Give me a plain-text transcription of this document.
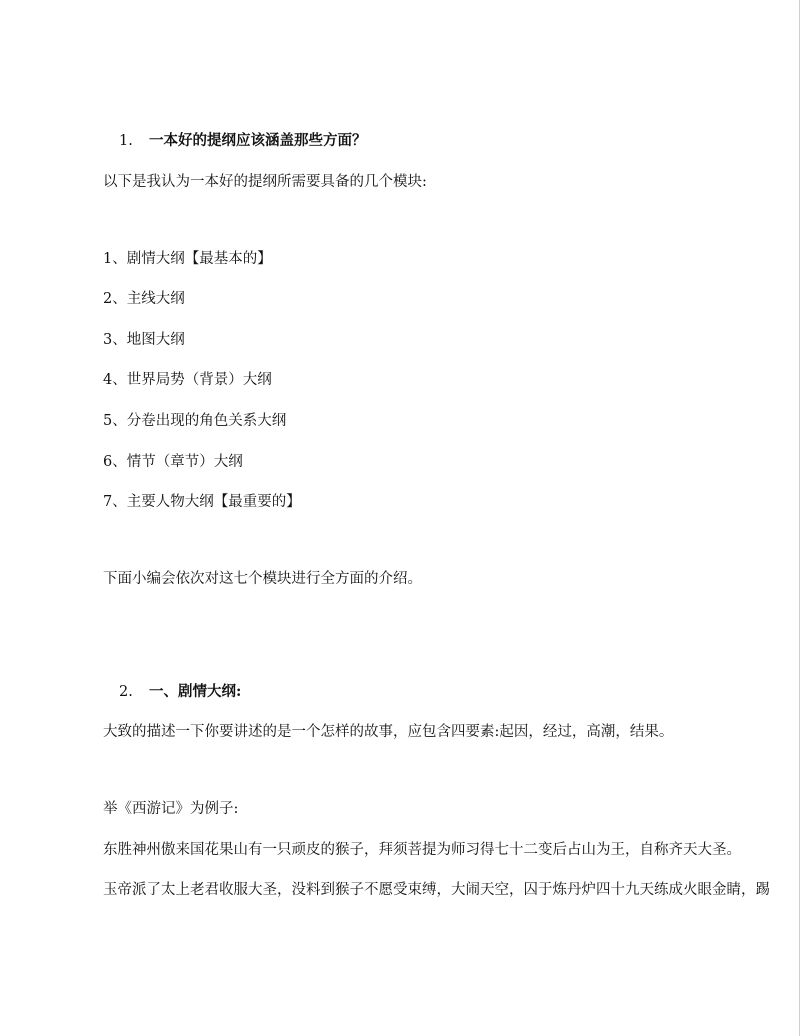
1. 一本好的提纲应该涵盖那些方面？
以下是我认为一本好的提纲所需要具备的几个模块:
1、剧情大纲【最基本的】
2、主线大纲
3、地图大纲
4、世界局势（背景）大纲
5、分卷出现的角色关系大纲
6、情节（章节）大纲
7、主要人物大纲【最重要的】
下面小编会依次对这七个模块进行全方面的介绍。
2. 一、剧情大纲:
大致的描述一下你要讲述的是一个怎样的故事，应包含四要素:起因，经过，高潮，结果。
举《西游记》为例子:
东胜神州傲来国花果山有一只顽皮的猴子，拜须菩提为师习得七十二变后占山为王，自称齐天大圣。
玉帝派了太上老君收服大圣，没料到猴子不愿受束缚，大闹天空，囚于炼丹炉四十九天练成火眼金睛，踢
